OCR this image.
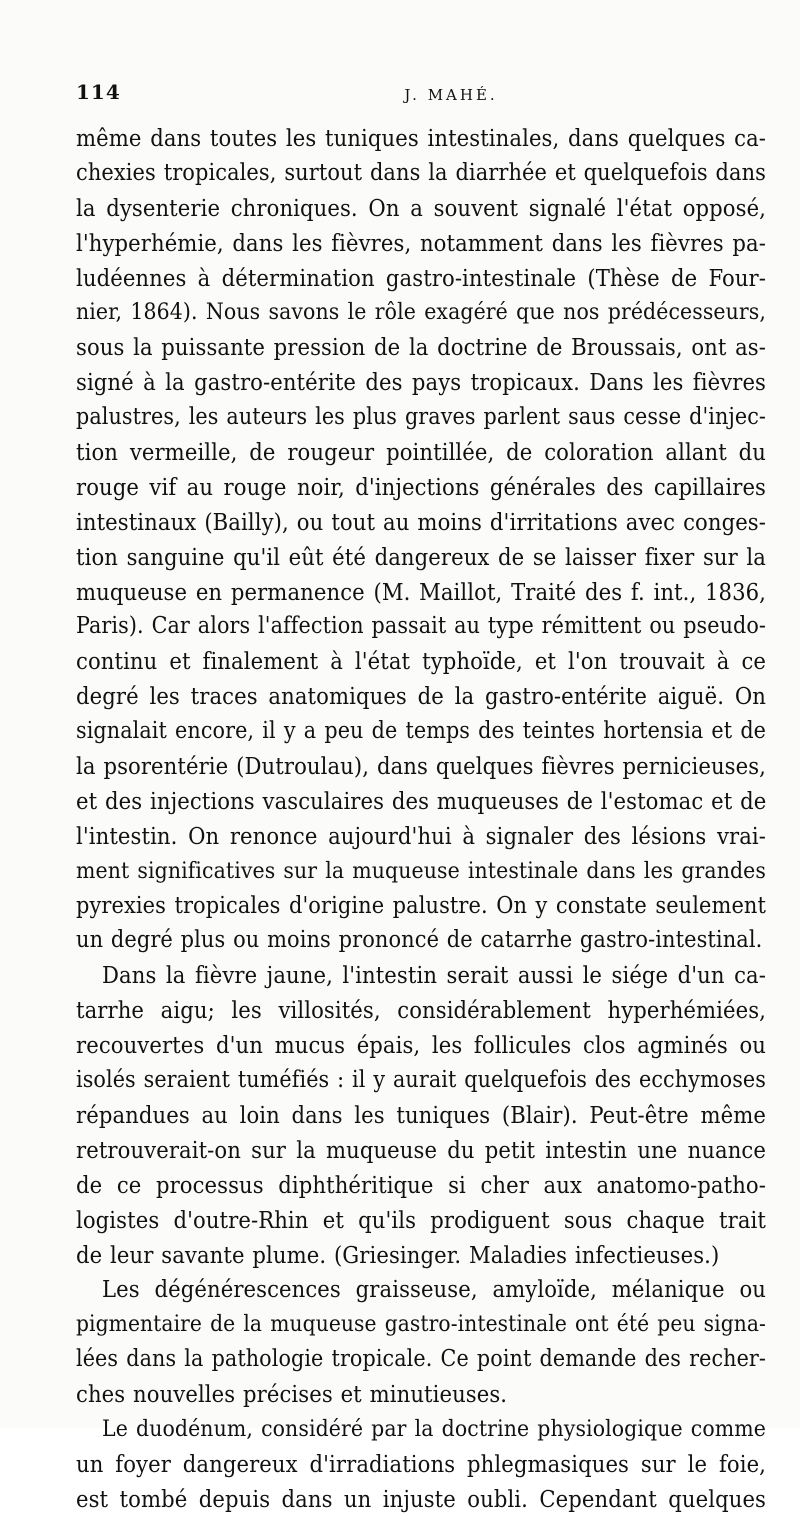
114	J. MAHÉ.
même dans toutes les tuniques intestinales, dans quelques ca-
chexies tropicales, surtout dans la diarrhée et quelquefois dans
la dysenterie chroniques. On a souvent signalé l'état opposé,
l'hyperhémie, dans les fièvres, notamment dans les fièvres pa-
ludéennes à détermination gastro-intestinale (Thèse de Four-
nier, 1864). Nous savons le rôle exagéré que nos prédécesseurs,
sous la puissante pression de la doctrine de Broussais, ont as-
signé à la gastro-entérite des pays tropicaux. Dans les fièvres
palustres, les auteurs les plus graves parlent saus cesse d'injec-
tion vermeille, de rougeur pointillée, de coloration allant du
rouge vif au rouge noir, d'injections générales des capillaires
intestinaux (Bailly), ou tout au moins d'irritations avec conges-
tion sanguine qu'il eût été dangereux de se laisser fixer sur la
muqueuse en permanence (M. Maillot, Traité des f. int., 1836,
Paris). Car alors l'affection passait au type rémittent ou pseudo-
continu et finalement à l'état typhoïde, et l'on trouvait à ce
degré les traces anatomiques de la gastro-entérite aiguë. On
signalait encore, il y a peu de temps des teintes hortensia et de
la psorentérie (Dutroulau), dans quelques fièvres pernicieuses,
et des injections vasculaires des muqueuses de l'estomac et de
l'intestin. On renonce aujourd'hui à signaler des lésions vrai-
ment significatives sur la muqueuse intestinale dans les grandes
pyrexies tropicales d'origine palustre. On y constate seulement
un degré plus ou moins prononcé de catarrhe gastro-intestinal.
Dans la fièvre jaune, l'intestin serait aussi le siége d'un ca-
tarrhe aigu; les villosités, considérablement hyperhémiées,
recouvertes d'un mucus épais, les follicules clos agminés ou
isolés seraient tuméfiés : il y aurait quelquefois des ecchymoses
répandues au loin dans les tuniques (Blair). Peut-être même
retrouverait-on sur la muqueuse du petit intestin une nuance
de ce processus diphthéritique si cher aux anatomo-patho-
logistes d'outre-Rhin et qu'ils prodiguent sous chaque trait
de leur savante plume. (Griesinger. Maladies infectieuses.)
Les dégénérescences graisseuse, amyloïde, mélanique ou
pigmentaire de la muqueuse gastro-intestinale ont été peu signa-
lées dans la pathologie tropicale. Ce point demande des recher-
ches nouvelles précises et minutieuses.
Le duodénum, considéré par la doctrine physiologique comme
un foyer dangereux d'irradiations phlegmasiques sur le foie,
est tombé depuis dans un injuste oubli. Cependant quelques
